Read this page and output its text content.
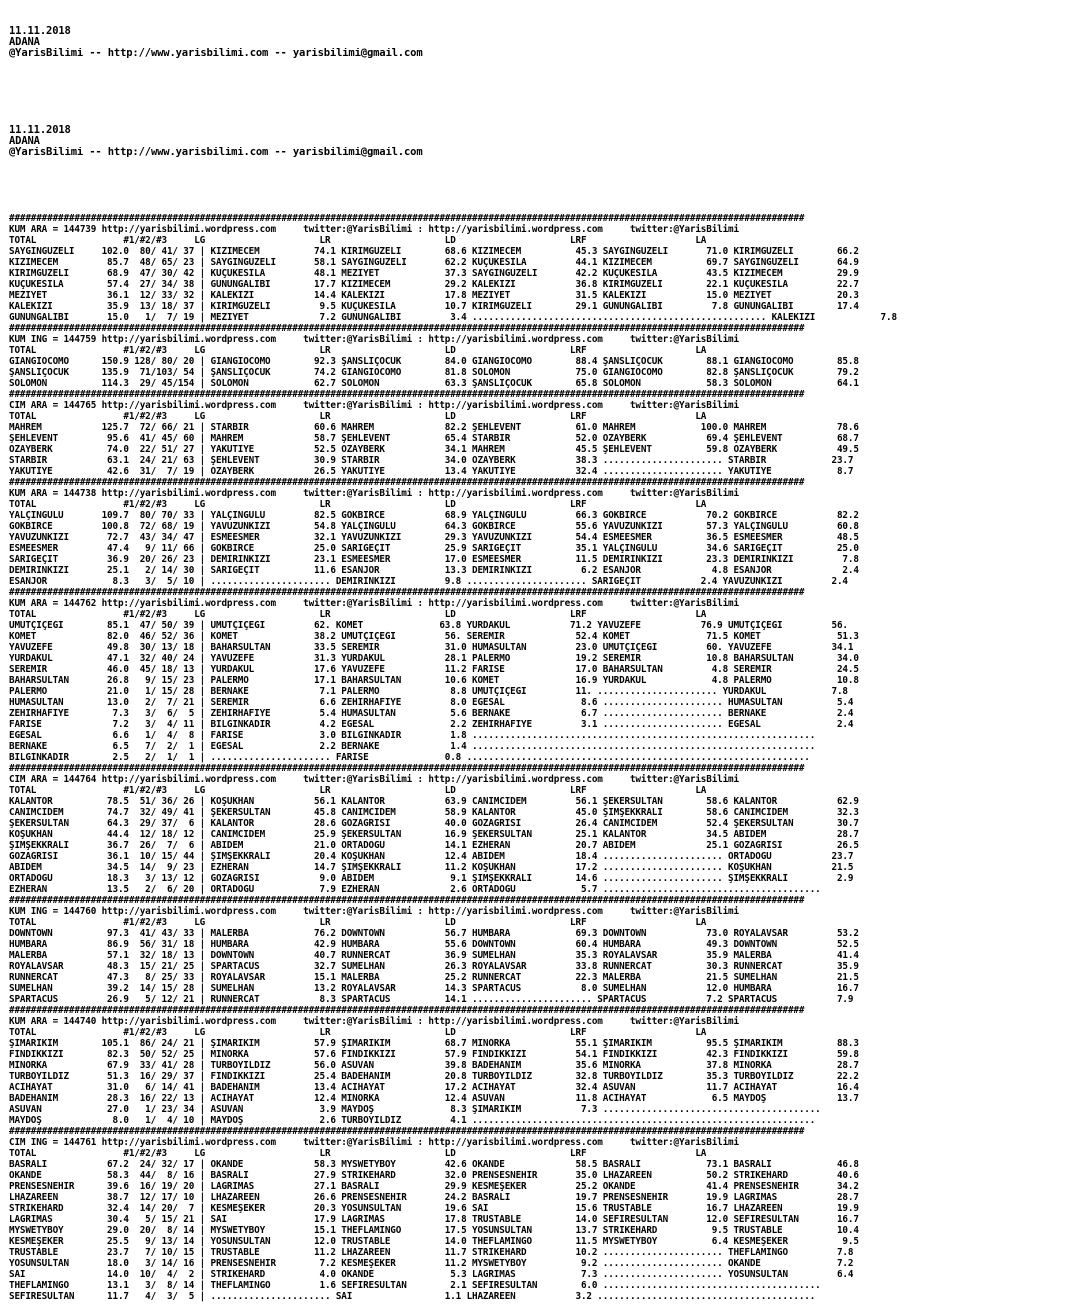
11.11.2018
ADANA
@YarisBilimi -- http://www.yarisbilimi.com -- yarisbilimi@gmail.com

11.11.2018
ADANA
@YarisBilimi -- http://www.yarisbilimi.com -- yarisbilimi@gmail.com

##################################################################################################################################################
KUM ARA = 144739 http://yarisbilimi.wordpress.com     twitter:@YarisBilimi : http://yarisbilimi.wordpress.com     twitter:@YarisBilimi
TOTAL                #1/#2/#3     LG                     LR                     LD                     LRF                    LA
SAYGINGÜZELİ     102.0  80/ 41/ 37 | KIZIMECEM          74.1 KIRIMGÜZELİ        68.6 KIZIMECEM          45.3 SAYGINGÜZELİ       71.0 KIRIMGÜZELİ        66.2
KIZIMECEM         85.7  48/ 65/ 23 | SAYGINGÜZELİ       58.1 SAYGINGÜZELİ       62.2 KÜÇÜKESİLA         44.1 KIZIMECEM          69.7 SAYGINGÜZELİ       64.9
KIRIMGÜZELİ       68.9  47/ 30/ 42 | KÜÇÜKESİLA         48.1 MEZİYET            37.3 SAYGINGÜZELİ       42.2 KÜÇÜKESİLA         43.5 KIZIMECEM          29.9
KÜÇÜKESİLA        57.4  27/ 34/ 38 | GÜNÜNGALİBİ        17.7 KIZIMECEM          29.2 KALEKIZI           36.8 KIRIMGÜZELİ        22.1 KÜÇÜKESİLA         22.7
MEZİYET           36.1  12/ 33/ 32 | KALEKIZI           14.4 KALEKIZI           17.8 MEZİYET            31.5 KALEKIZI           15.0 MEZİYET            20.3
KALEKIZI          35.9  13/ 18/ 37 | KIRIMGÜZELİ         9.5 KÜÇÜKESİLA         10.7 KIRIMGÜZELİ        29.1 GÜNÜNGALİBİ         7.8 GÜNÜNGALİBİ        17.4
GÜNÜNGALİBİ       15.0   1/  7/ 19 | MEZİYET             7.2 GÜNÜNGALİBİ         3.4 ...................................................... KALEKIZI            7.8
##################################################################################################################################################
KUM ING = 144759 http://yarisbilimi.wordpress.com     twitter:@YarisBilimi : http://yarisbilimi.wordpress.com     twitter:@YarisBilimi
TOTAL                #1/#2/#3     LG                     LR                     LD                     LRF                    LA
GIANGIOCOMO      150.9 128/ 80/ 20 | GIANGIOCOMO        92.3 ŞANSLIÇOCUK        84.0 GIANGIOCOMO        88.4 ŞANSLIÇOCUK        88.1 GIANGIOCOMO        85.8
ŞANSLIÇOCUK      135.9  71/103/ 54 | ŞANSLIÇOCUK        74.2 GIANGIOCOMO        81.8 SOLOMON            75.0 GIANGIOCOMO        82.8 ŞANSLIÇOCUK        79.2
SOLOMON          114.3  29/ 45/154 | SOLOMON            62.7 SOLOMON            63.3 ŞANSLIÇOCUK        65.8 SOLOMON            58.3 SOLOMON            64.1
##################################################################################################################################################
CIM ARA = 144765 http://yarisbilimi.wordpress.com     twitter:@YarisBilimi : http://yarisbilimi.wordpress.com     twitter:@YarisBilimi
TOTAL                #1/#2/#3     LG                     LR                     LD                     LRF                    LA
MAHREM           125.7  72/ 66/ 21 | STARBİR            60.6 MAHREM             82.2 ŞEHLEVENT          61.0 MAHREM            100.0 MAHREM             78.6
ŞEHLEVENT         95.6  41/ 45/ 60 | MAHREM             58.7 ŞEHLEVENT          65.4 STARBİR            52.0 ÖZAYBERK           69.4 ŞEHLEVENT          68.7
ÖZAYBERK          74.0  22/ 51/ 27 | YAKUTİYE           52.5 ÖZAYBERK           34.1 MAHREM             45.5 ŞEHLEVENT          59.8 ÖZAYBERK           49.5
STARBİR           63.1  24/ 21/ 63 | ŞEHLEVENT          30.9 STARBİR            34.0 ÖZAYBERK           38.3 ...................... STARBİR            23.7
YAKUTİYE          42.6  31/  7/ 19 | ÖZAYBERK           26.5 YAKUTİYE           13.4 YAKUTİYE           32.4 ...................... YAKUTİYE            8.7
##################################################################################################################################################
KUM ARA = 144738 http://yarisbilimi.wordpress.com     twitter:@YarisBilimi : http://yarisbilimi.wordpress.com     twitter:@YarisBilimi
TOTAL                #1/#2/#3     LG                     LR                     LD                     LRF                    LA
YALÇINGÜLÜ       109.7  80/ 70/ 33 | YALÇINGÜLÜ         82.5 GÖKBİRCE           68.9 YALÇINGÜLÜ         66.3 GÖKBİRCE           70.2 GÖKBİRCE           82.2
GÖKBİRCE         100.8  72/ 68/ 19 | YAVUZUNKIZI        54.8 YALÇINGÜLÜ         64.3 GÖKBİRCE           55.6 YAVUZUNKIZI        57.3 YALÇINGÜLÜ         60.8
YAVUZUNKIZI       72.7  43/ 34/ 47 | ESMEESMER          32.1 YAVUZUNKIZI        29.3 YAVUZUNKIZI        54.4 ESMEESMER          36.5 ESMEESMER          48.5
ESMEESMER         47.4   9/ 11/ 66 | GÖKBİRCE           25.0 SARIGEÇİT          25.9 SARIGEÇİT          35.1 YALÇINGÜLÜ         34.6 SARIGEÇİT          25.0
SARIGEÇİT         36.9  20/ 26/ 23 | DEMİRİNKIZI        23.1 ESMEESMER          17.0 ESMEESMER          11.5 DEMİRİNKIZI        23.3 DEMİRİNKIZI         7.8
DEMİRİNKIZI       25.1   2/ 14/ 30 | SARIGEÇİT          11.6 ESANJOR            13.3 DEMİRİNKIZI         6.2 ESANJOR             4.8 ESANJOR             2.4
ESANJOR            8.3   3/  5/ 10 | ...................... DEMİRİNKIZI         9.8 ...................... SARIGEÇİT           2.4 YAVUZUNKIZI         2.4
##################################################################################################################################################
KUM ARA = 144762 http://yarisbilimi.wordpress.com     twitter:@YarisBilimi : http://yarisbilimi.wordpress.com     twitter:@YarisBilimi
TOTAL                #1/#2/#3     LG                     LR                     LD                     LRF                    LA
UMUTÇİÇEĞİ        85.1  47/ 50/ 39 | UMUTÇİÇEĞİ         62. KOMET              63.8 YURDAKUL           71.2 YAVUZEFE           76.9 UMUTÇİÇEĞİ         56.
KOMET             82.0  46/ 52/ 36 | KOMET              38.2 UMUTÇİÇEĞİ         56. SEREMİR             52.4 KOMET              71.5 KOMET              51.3
YAVUZEFE          49.8  30/ 13/ 18 | BAHARSULTAN        33.5 SEREMİR            31.0 HUMASULTAN         23.0 UMUTÇİÇEĞİ         60. YAVUZEFE           34.1
YURDAKUL          47.1  32/ 40/ 24 | YAVUZEFE           31.3 YURDAKUL           28.1 PALERMO            19.2 SEREMİR            10.8 BAHARSULTAN        34.0
SEREMİR           46.0  45/ 18/ 13 | YURDAKUL           17.6 YAVUZEFE           11.2 FARİSE             17.0 BAHARSULTAN         4.8 SEREMİR            24.5
BAHARSULTAN       26.8   9/ 15/ 23 | PALERMO            17.1 BAHARSULTAN        10.6 KOMET              16.9 YURDAKUL            4.8 PALERMO            10.8
PALERMO           21.0   1/ 15/ 28 | BERNAKE             7.1 PALERMO             8.8 UMUTÇİÇEĞİ         11. ...................... YURDAKUL            7.8
HUMASULTAN        13.0   2/  7/ 21 | SEREMİR             6.6 ZEHİRHAFİYE         8.0 EGESAL              8.6 ...................... HUMASULTAN          5.4
ZEHİRHAFİYE        7.3   3/  6/  5 | ZEHİRHAFİYE         5.4 HUMASULTAN          5.6 BERNAKE             6.7 ...................... BERNAKE             2.4
FARİSE             7.2   3/  4/ 11 | BİLGİNKADİR         4.2 EGESAL              2.2 ZEHİRHAFİYE         3.1 ...................... EGESAL              2.4
EGESAL             6.6   1/  4/  8 | FARİSE              3.0 BİLGİNKADİR         1.8 ...............................................................
BERNAKE            6.5   7/  2/  1 | EGESAL              2.2 BERNAKE             1.4 ...............................................................
BİLGİNKADİR        2.5   2/  1/  1 | ...................... FARİSE              0.8 ...............................................................
##################################################################################################################################################
CIM ARA = 144764 http://yarisbilimi.wordpress.com     twitter:@YarisBilimi : http://yarisbilimi.wordpress.com     twitter:@YarisBilimi
TOTAL                #1/#2/#3     LG                     LR                     LD                     LRF                    LA
KALANTOR          78.5  51/ 36/ 26 | KOŞUKHAN           56.1 KALANTOR           63.9 CANIMCİDEM         56.1 ŞEKERSULTAN        58.6 KALANTOR           62.9
CANIMCİDEM        74.7  32/ 49/ 41 | ŞEKERSULTAN        45.8 CANIMCİDEM         58.9 KALANTOR           45.0 ŞİMŞEKKRALI        58.6 CANIMCİDEM         32.3
ŞEKERSULTAN       64.3  29/ 37/  6 | KALANTOR           28.6 GÖZAĞRISI          40.0 GÖZAĞRISI          26.4 CANIMCİDEM         52.4 ŞEKERSULTAN        30.7
KOŞUKHAN          44.4  12/ 18/ 12 | CANIMCİDEM         25.9 ŞEKERSULTAN        16.9 ŞEKERSULTAN        25.1 KALANTOR           34.5 ABİDEM             28.7
ŞİMŞEKKRALI       36.7  26/  7/  6 | ABİDEM             21.0 ORTADOĞU           14.1 EZHERAN            20.7 ABİDEM             25.1 GÖZAĞRISI          26.5
GÖZAĞRISI         36.1  10/ 15/ 44 | ŞİMŞEKKRALI        20.4 KOŞUKHAN           12.4 ABİDEM             18.4 ...................... ORTADOĞU           23.7
ABİDEM            34.5  14/  9/ 23 | EZHERAN            14.7 ŞİMŞEKKRALI        11.2 KOŞUKHAN           17.2 ...................... KOŞUKHAN           21.5
ORTADOĞU          18.3   3/ 13/ 12 | GÖZAĞRISI           9.0 ABİDEM              9.1 ŞİMŞEKKRALI        14.6 ...................... ŞİMŞEKKRALI         2.9
EZHERAN           13.5   2/  6/ 20 | ORTADOĞU            7.9 EZHERAN             2.6 ORTADOĞU            5.7 ........................................
##################################################################################################################################################
KUM ING = 144760 http://yarisbilimi.wordpress.com     twitter:@YarisBilimi : http://yarisbilimi.wordpress.com     twitter:@YarisBilimi
TOTAL                #1/#2/#3     LG                     LR                     LD                     LRF                    LA
DOWNTOWN          97.3  41/ 43/ 33 | MALERBA            76.2 DOWNTOWN           56.7 HUMBARA            69.3 DOWNTOWN           73.0 ROYALAVSAR         53.2
HUMBARA           86.9  56/ 31/ 18 | HUMBARA            42.9 HUMBARA            55.6 DOWNTOWN           60.4 HUMBARA            49.3 DOWNTOWN           52.5
MALERBA           57.1  32/ 18/ 13 | DOWNTOWN           40.7 RUNNERCAT          36.9 SUMELHAN           35.3 ROYALAVSAR         35.9 MALERBA            41.4
ROYALAVSAR        48.3  15/ 21/ 25 | SPARTACUS          32.7 SUMELHAN           26.3 ROYALAVSAR         33.8 RUNNERCAT          30.3 RUNNERCAT          35.9
RUNNERCAT         47.3   8/ 25/ 33 | ROYALAVSAR         15.1 MALERBA            25.2 RUNNERCAT          22.3 MALERBA            21.5 SUMELHAN           21.5
SUMELHAN          39.2  14/ 15/ 28 | SUMELHAN           13.2 ROYALAVSAR         14.3 SPARTACUS           8.0 SUMELHAN           12.0 HUMBARA            16.7
SPARTACUS         26.9   5/ 12/ 21 | RUNNERCAT           8.3 SPARTACUS          14.1 ...................... SPARTACUS           7.2 SPARTACUS           7.9
##################################################################################################################################################
KUM ARA = 144740 http://yarisbilimi.wordpress.com     twitter:@YarisBilimi : http://yarisbilimi.wordpress.com     twitter:@YarisBilimi
TOTAL                #1/#2/#3     LG                     LR                     LD                     LRF                    LA
ŞIMARIKIM        105.1  86/ 24/ 21 | ŞIMARIKIM          57.9 ŞIMARIKIM          68.7 MİNORKA            55.1 ŞIMARIKIM          95.5 ŞIMARIKIM          88.3
FINDIKKIZI        82.3  50/ 52/ 25 | MİNORKA            57.6 FINDIKKIZI         57.9 FINDIKKIZI         54.1 FINDIKKIZI         42.3 FINDIKKIZI         59.8
MİNORKA           67.9  33/ 41/ 28 | TURBOYILDIZ        56.0 ASUVAN             39.8 BADEHANIM          35.6 MİNORKA            37.8 MİNORKA            28.7
TURBOYILDIZ       51.3  16/ 29/ 37 | FINDIKKIZI         25.4 BADEHANIM          20.8 TURBOYILDIZ        32.8 TURBOYILDIZ        35.3 TURBOYILDIZ        22.2
ACIHAYAT          31.0   6/ 14/ 41 | BADEHANIM          13.4 ACIHAYAT           17.2 ACIHAYAT           32.4 ASUVAN             11.7 ACIHAYAT           16.4
BADEHANIM         28.3  16/ 22/ 13 | ACIHAYAT           12.4 MİNORKA            12.4 ASUVAN             11.8 ACIHAYAT            6.5 MAYDOŞ             13.7
ASUVAN            27.0   1/ 23/ 34 | ASUVAN              3.9 MAYDOŞ              8.3 ŞIMARIKIM           7.3 ........................................
MAYDOŞ             8.0   1/  4/ 10 | MAYDOŞ              2.6 TURBOYILDIZ         4.1 ...............................................................
##################################################################################################################################################
CIM ING = 144761 http://yarisbilimi.wordpress.com     twitter:@YarisBilimi : http://yarisbilimi.wordpress.com     twitter:@YarisBilimi
TOTAL                #1/#2/#3     LG                     LR                     LD                     LRF                    LA
BASRALI           67.2  24/ 32/ 17 | OKANDE             58.3 MYSWETYBOY         42.6 OKANDE             58.5 BASRALI            73.1 BASRALI            46.8
OKANDE            58.3  44/  8/ 16 | BASRALI            27.9 STRIKEHARD         32.0 PRENSESNEHIR       35.0 LHAZAREEN          50.2 STRIKEHARD         40.6
PRENSESNEHIR      39.6  16/ 19/ 20 | LAGRIMAS           27.1 BASRALI            29.9 KESMEŞEKER         25.2 OKANDE             41.4 PRENSESNEHIR       34.2
LHAZAREEN         38.7  12/ 17/ 10 | LHAZAREEN          26.6 PRENSESNEHIR       24.2 BASRALI            19.7 PRENSESNEHIR       19.9 LAGRIMAS           28.7
STRIKEHARD        32.4  14/ 20/  7 | KESMEŞEKER         20.3 YOSUNSULTAN        19.6 SAİ                15.6 TRUSTABLE          16.7 LHAZAREEN          19.9
LAGRIMAS          30.4   5/ 15/ 21 | SAİ                17.9 LAGRIMAS           17.8 TRUSTABLE          14.0 SEFİRESULTAN       12.0 SEFİRESULTAN       16.7
MYSWETYBOY        29.0  20/  8/ 14 | MYSWETYBOY         15.1 THEFLAMINGO        17.5 YOSUNSULTAN        13.7 STRIKEHARD          9.5 TRUSTABLE          10.4
KESMEŞEKER        25.5   9/ 13/ 14 | YOSUNSULTAN        12.0 TRUSTABLE          14.0 THEFLAMINGO        11.5 MYSWETYBOY          6.4 KESMEŞEKER          9.5
TRUSTABLE         23.7   7/ 10/ 15 | TRUSTABLE          11.2 LHAZAREEN          11.7 STRIKEHARD         10.2 ...................... THEFLAMINGO         7.8
YOSUNSULTAN       18.0   3/ 14/ 16 | PRENSESNEHIR        7.2 KESMEŞEKER         11.2 MYSWETYBOY          9.2 ...................... OKANDE              7.2
SAİ               14.0  10/  4/  2 | STRIKEHARD          4.0 OKANDE              5.3 LAGRIMAS            7.3 ...................... YOSUNSULTAN         6.4
THEFLAMINGO       13.1   3/  8/ 14 | THEFLAMINGO         1.6 SEFİRESULTAN        2.1 SEFİRESULTAN        6.0 ........................................
SEFİRESULTAN      11.7   4/  3/  5 | ...................... SAİ                 1.1 LHAZAREEN           3.2 ........................................
